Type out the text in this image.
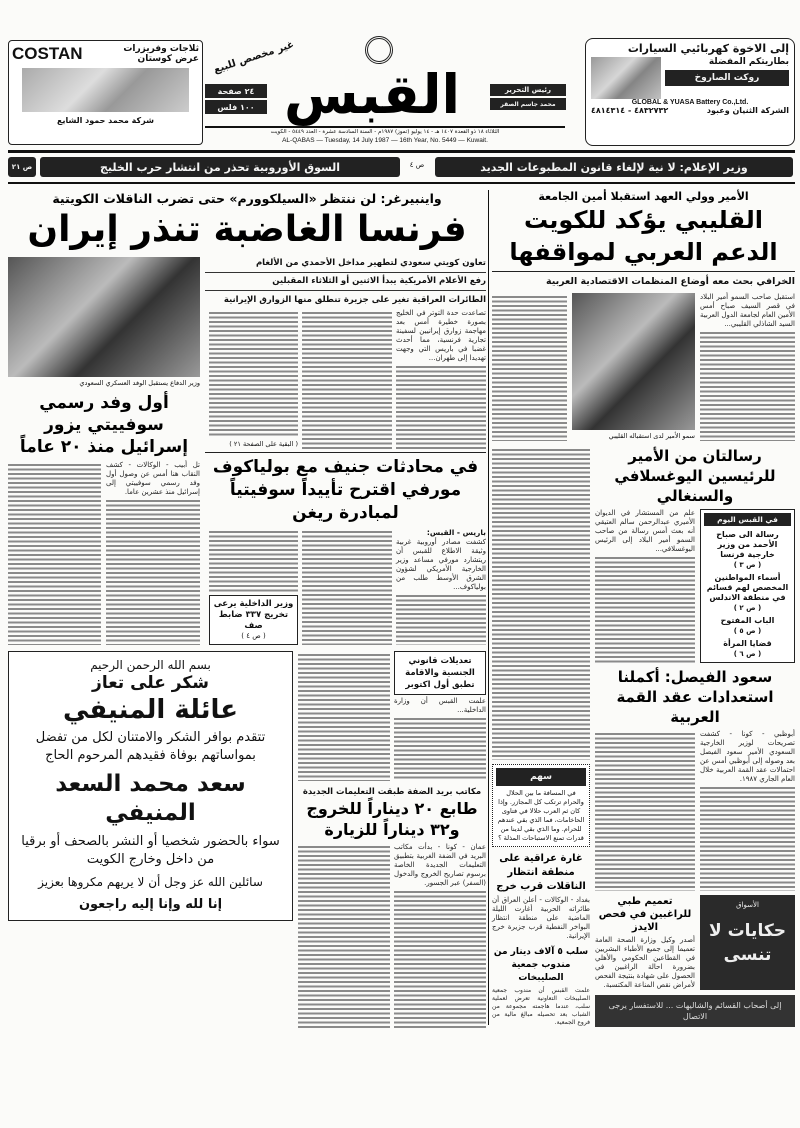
ثلاجات وفريزرات
عرض كوستان
COSTAN
شركة محمد حمود الشايع
٢٤ صفحة
١٠٠ فلس
غير مخصص للبيع
القبس	رئيس التحرير
محمد جاسم الصقر
الثلاثاء ١٨ ذو القعدة ١٤٠٧ هـ - ١٤ يوليو (تموز) ١٩٨٧م - السنة السادسة عشرة - العدد ٥٤٤٩ - الكويت
AL-QABAS — Tuesday, 14 July 1987 — 16th Year, No. 5449 — Kuwait.
إلى الاخوة كهربائيي السيارات
بطاريتكم المفضلة
روكت الصاروخ
GLOBAL & YUASA Battery Co.,Ltd.
الشركة الثنيان وعبود
٤٨٣٢٧٣٢ - ٤٨١٤٣١٤
وزير الإعلام: لا نية لإلغاء قانون المطبوعات الجديد
ص ٤
السوق الأوروبية تحذر من انتشار حرب الخليج
ص ٢١
الأمير وولي العهد استقبلا أمين الجامعة
القليبي يؤكد للكويت الدعم العربي لمواقفها
الخرافي بحث معه أوضاع المنظمات الاقتصادية العربية
استقبل صاحب السمو أمير البلاد في قصر السيف صباح أمس الأمين العام لجامعة الدول العربية السيد الشاذلي القليبي...
سمو الأمير لدى استقباله القليبي
رسالتان من الأمير للرئيسين اليوغسلافي والسنغالي
في القبس اليوم
رسالة الى صباح الأحمد من وزير خارجية فرنسا
( ص ٣ )
أسماء المواطنين المخصص لهم قسائم في منطقة الاندلس
( ص ٢ )
الباب المفتوح
( ص ٥ )
قضايا المرأة
( ص ٦ )
علم من المستشار في الديوان الأميري عبدالرحمن سالم العتيقي أنه بعث أمس رسالة من صاحب السمو أمير البلاد إلى الرئيس اليوغسلافي...
سعود الفيصل: أكملنا استعدادات عقد القمة العربية
أبوظبي - كونا - كشفت تصريحات لوزير الخارجية السعودي الأمير سعود الفيصل بعد وصوله إلى أبوظبي أمس عن احتمالات عقد القمة العربية خلال العام الجاري ١٩٨٧.
الأسواق
حكايات لا تنسى
تعميم طبي للراغبين في فحص الايدز
أصدر وكيل وزارة الصحة العامة تعميما إلى جميع الأطباء البشريين في القطاعين الحكومي والأهلي بضرورة احالة الراغبين في الحصول على شهادة بنتيجة الفحص لأمراض نقص المناعة المكتسبة.
إلى أصحاب القسائم والشاليهات ... للاستفسار يرجى الاتصال
سهم
في المسافة ما بين الحلال والحرام ترتكب كل المجازر. وإذا كان ثم العرب حلالا في فتاوى الحاخامات، فما الذي بقي عندهم للحرام. وما الذي بقي لدينا من قدرات تمنع الاستباحات المذلة ؟
غارة عراقية على منطقة انتظار الناقلات قرب خرج
بغداد - الوكالات - أعلن العراق أن طائراته الحربية أغارت الليلة الماضية على منطقة انتظار البواخر النفطية قرب جزيرة خرج الإيرانية.
سلب ٥ آلاف دينار من مندوب جمعية الصليبخات
علمت القبس أن مندوب جمعية الصليبخات التعاونية تعرض لعملية سلب، عندما هاجمته مجموعة من الشباب بعد تحصيله مبالغ مالية من فروع الجمعية.
واينبيرغر: لن ننتظر «السيلكوورم» حتى تضرب الناقلات الكويتية
فرنسا الغاضبة تنذر إيران
تعاون كويتي سعودي لتطهير مداخل الأحمدي من الألغام
رفع الأعلام الأمريكية يبدأ الاثنين أو الثلاثاء المقبلين
الطائرات العراقية تغير على جزيرة تنطلق منها الزوارق الإيرانية
تصاعدت حدة التوتر في الخليج بصورة خطيرة أمس بعد مهاجمة زوارق إيرانيين لسفينة تجارية فرنسية، مما أحدث غضبا في باريس التي وجهت تهديدا إلى طهران...
( البقية على الصفحة ٢١ )
في محادثات جنيف مع بولياكوف مورفي اقترح تأييداً سوفيتياً لمبادرة ريغن
باريس - القبس:
كشفت مصادر أوروبية غربية وثيقة الاطلاع للقبس أن ريتشارد مورفي مساعد وزير الخارجية الأمريكي لشؤون الشرق الأوسط طلب من بولياكوف...
وزير الداخلية يرعى تخريج ٣٣٧ ضابط صف
( ص ٤ )
وزير الدفاع يستقبل الوفد العسكري السعودي
أول وفد رسمي سوفييتي يزور إسرائيل منذ ٢٠ عاماً
تل أبيب - الوكالات - كشف النقاب هنا أمس عن وصول أول وفد رسمي سوفييتي إلى إسرائيل منذ عشرين عاما.
تعديلات قانوني الجنسية والاقامة تطبق أول اكتوبر
علمت القبس أن وزارة الداخلية...
مكاتب بريد الضفة طبقت التعليمات الجديدة
طابع ٢٠ ديناراً للخروج و٣٢ ديناراً للزيارة
عمان - كونا - بدأت مكاتب البريد في الضفة الغربية بتطبيق التعليمات الجديدة الخاصة برسوم تصاريح الخروج والدخول (السفر) عبر الجسور.
بسم الله الرحمن الرحيم
شكر على تعاز
عائلة المنيفي
تتقدم بوافر الشكر والامتنان لكل من تفضل بمواساتهم بوفاة فقيدهم المرحوم الحاج
سعد محمد السعد المنيفي
سواء بالحضور شخصيا أو النشر بالصحف أو برقيا من داخل وخارج الكويت
سائلين الله عز وجل أن لا يريهم مكروها بعزيز
إنا لله وإنا إليه راجعون
